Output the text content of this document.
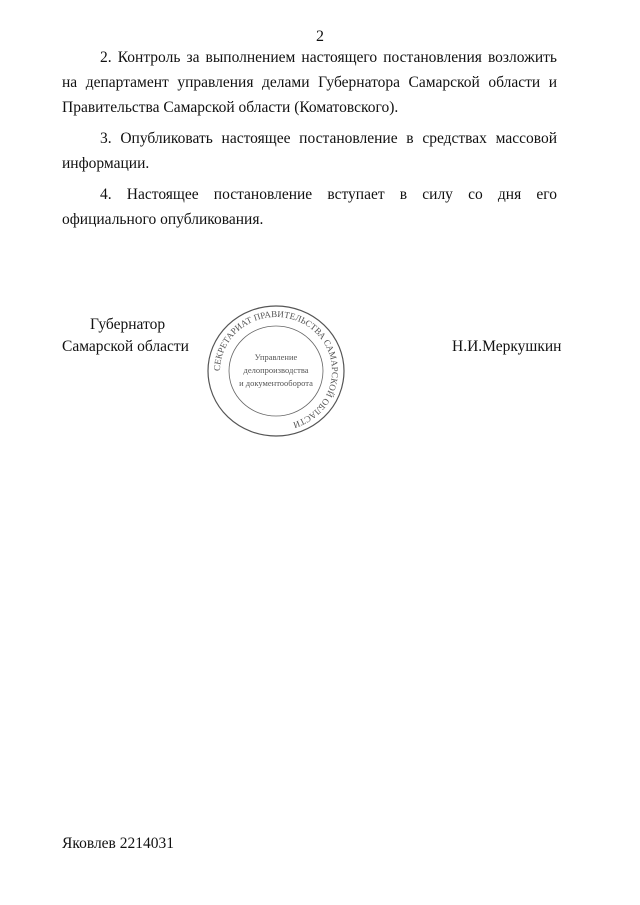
2

2. Контроль за выполнением настоящего постановления возложить на департамент управления делами Губернатора Самарской области и Правительства Самарской области (Коматовского).

3. Опубликовать настоящее постановление в средствах массовой информации.

4. Настоящее постановление вступает в силу со дня его официального опубликования.

Губернатор
Самарской области	Н.И.Меркушкин
СЕКРЕТАРИАТ ПРАВИТЕЛЬСТВА САМАРСКОЙ ОБЛАСТИ
Управление
делопроизводства
и документооборота
Яковлев 2214031
